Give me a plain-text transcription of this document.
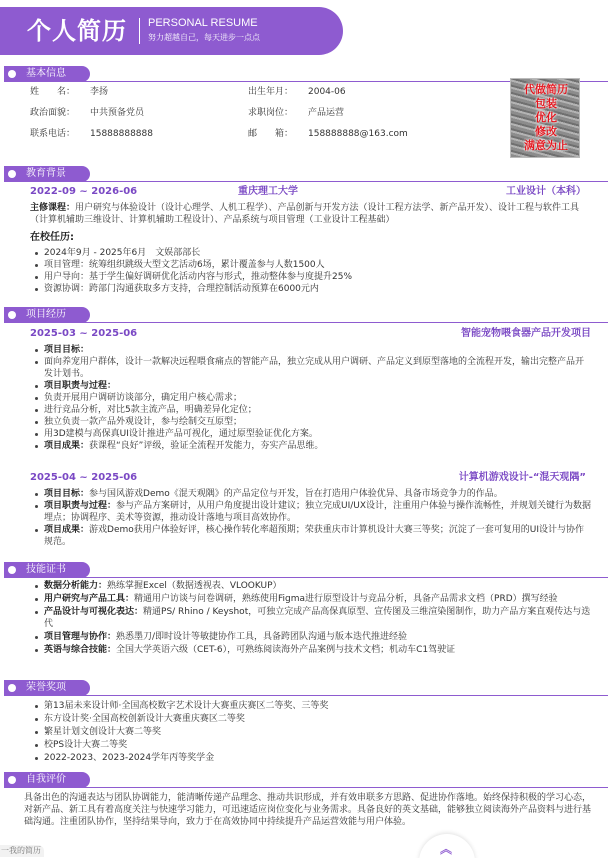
个人简历 PERSONAL RESUME
努力超越自己，每天进步一点点
基本信息
姓　　名：	李扬	出生年月：	2004-06
政治面貌：	中共预备党员	求职岗位：	产品运营
联系电话：	15888888888	邮　　箱：	158888888@163.com
代做简历
包装
优化
修改
满意为止
教育背景
2022-09 ~ 2026-06	重庆理工大学	工业设计（本科）
主修课程：用户研究与体验设计（设计心理学、人机工程学）、产品创新与开发方法（设计工程方法学、新产品开发）、设计工程与软件工具（计算机辅助三维设计、计算机辅助工程设计）、产品系统与项目管理（工业设计工程基础）
在校任历:
2024年9月 - 2025年6月　文娱部部长
项目管理：统筹组织跳级大型文艺活动6场，累计覆盖参与人数1500人
用户导向：基于学生偏好调研优化活动内容与形式，推动整体参与度提升25%
资源协调：跨部门沟通获取多方支持，合理控制活动预算在6000元内
项目经历
2025-03 ~ 2025-06	智能宠物喂食器产品开发项目
项目目标：
面向养宠用户群体，设计一款解决远程喂食痛点的智能产品，独立完成从用户调研、产品定义到原型落地的全流程开发，输出完整产品开发计划书。
项目职责与过程：
负责开展用户调研访谈部分，确定用户核心需求；
进行竞品分析，对比5款主流产品，明确差异化定位；
独立负责一款产品外观设计，参与绘制交互原型；
用3D建模与高保真UI设计推进产品可视化，通过原型验证优化方案。
项目成果：获课程“良好”评级，验证全流程开发能力，夯实产品思维。
2025-04 ~ 2025-06	计算机游戏设计-“混天观隅”
项目目标：参与国风游戏Demo《混天观隅》的产品定位与开发，旨在打造用户体验优异、具备市场竞争力的作品。
项目职责与过程：参与产品方案研讨，从用户角度提出设计建议；独立完成UI/UX设计，注重用户体验与操作流畅性，并规划关键行为数据埋点；协调程序、美术等资源，推动设计落地与项目高效协作。
项目成果：游戏Demo获用户体验好评，核心操作转化率超预期；荣获重庆市计算机设计大赛三等奖；沉淀了一套可复用的UI设计与协作规范。
技能证书
数据分析能力：熟练掌握Excel（数据透视表、VLOOKUP）
用户研究与产品工具：精通用户访谈与问卷调研，熟练使用Figma进行原型设计与竞品分析，具备产品需求文档（PRD）撰写经验
产品设计与可视化表达：精通PS/ Rhino / Keyshot，可独立完成产品高保真原型、宣传图及三维渲染图制作，助力产品方案直观传达与迭代
项目管理与协作：熟悉墨刀/即时设计等敏捷协作工具，具备跨团队沟通与版本迭代推进经验
英语与综合技能：全国大学英语六级（CET-6），可熟练阅读海外产品案例与技术文档；机动车C1驾驶证
荣誉奖项
第13届未来设计师·全国高校数字艺术设计大赛重庆赛区二等奖、三等奖
东方设计奖·全国高校创新设计大赛重庆赛区二等奖
繁星计划文创设计大赛二等奖
校PS设计大赛二等奖
2022-2023、2023-2024学年丙等奖学金
自我评价
具备出色的沟通表达与团队协调能力，能清晰传递产品理念、推动共识形成，并有效串联多方思路、促进协作落地。始终保持积极的学习心态，对新产品、新工具有着高度关注与快速学习能力，可迅速适应岗位变化与业务需求。具备良好的英文基础，能够独立阅读海外产品资料与进行基础沟通。注重团队协作，坚持结果导向，致力于在高效协同中持续提升产品运营效能与用户体验。
一我的简历	︽
